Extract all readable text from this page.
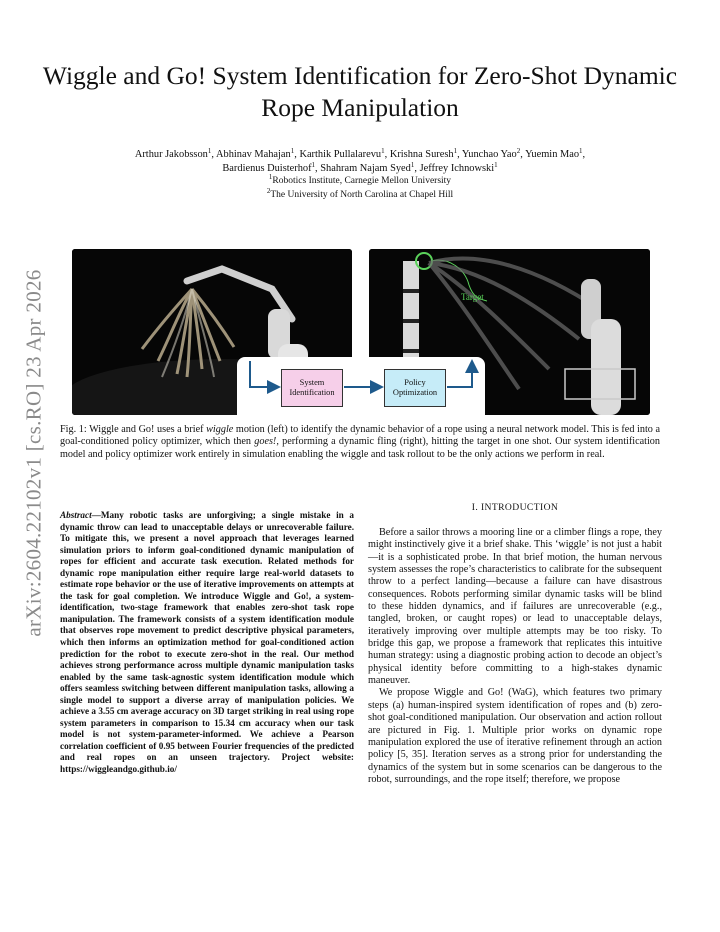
arXiv:2604.22102v1 [cs.RO] 23 Apr 2026
Wiggle and Go! System Identification for Zero-Shot Dynamic Rope Manipulation
Arthur Jakobsson$^1$, Abhinav Mahajan$^1$, Karthik Pullalarevu$^1$, Krishna Suresh$^1$, Yunchao Yao$^2$, Yuemin Mao$^1$,
Bardienus Duisterhof$^1$, Shahram Najam Syed$^1$, Jeffrey Ichnowski$^1$
$^1$Robotics Institute, Carnegie Mellon University
$^2$The University of North Carolina at Chapel Hill
System Identification
Policy Optimization
Target
Fig. 1: Wiggle and Go! uses a brief wiggle motion (left) to identify the dynamic behavior of a rope using a neural network model. This is fed into a goal-conditioned policy optimizer, which then goes!, performing a dynamic fling (right), hitting the target in one shot. Our system identification model and policy optimizer work entirely in simulation enabling the wiggle and task rollout to be the only actions we perform in real.
Abstract—Many robotic tasks are unforgiving; a single mistake in a dynamic throw can lead to unacceptable delays or unrecoverable failure. To mitigate this, we present a novel approach that leverages learned simulation priors to inform goal-conditioned dynamic manipulation of ropes for efficient and accurate task execution. Related methods for dynamic rope manipulation either require large real-world datasets to estimate rope behavior or the use of iterative improvements on attempts at the task for goal completion. We introduce Wiggle and Go!, a system-identification, two-stage framework that enables zero-shot task rope manipulation. The framework consists of a system identification module that observes rope movement to predict descriptive physical parameters, which then informs an optimization method for goal-conditioned action prediction for the robot to execute zero-shot in the real. Our method achieves strong performance across multiple dynamic manipulation tasks enabled by the same task-agnostic system identification module which offers seamless switching between different manipulation tasks, allowing a single model to support a diverse array of manipulation policies. We achieve a 3.55 cm average accuracy on 3D target striking in real using rope system parameters in comparison to 15.34 cm accuracy when our task model is not system-parameter-informed. We achieve a Pearson correlation coefficient of 0.95 between Fourier frequencies of the predicted and real ropes on an unseen trajectory. Project website: https://wiggleandgo.github.io/
I. INTRODUCTION

Before a sailor throws a mooring line or a climber flings a rope, they might instinctively give it a brief shake. This ‘wiggle’ is not just a habit—it is a sophisticated probe. In that brief motion, the human nervous system assesses the rope’s characteristics to calibrate for the subsequent throw to a perfect landing—because a failure can have disastrous consequences. Robots performing similar dynamic tasks will be blind to these hidden dynamics, and if failures are unrecoverable (e.g., tangled, broken, or caught ropes) or lead to unacceptable delays, iteratively improving over multiple attempts may be too risky. To bridge this gap, we propose a framework that replicates this intuitive human strategy: using a diagnostic probing action to decode an object’s physical identity before committing to a high-stakes dynamic maneuver.

We propose Wiggle and Go! (WaG), which features two primary steps (a) human-inspired system identification of ropes and (b) zero-shot goal-conditioned manipulation. Our observation and action rollout are pictured in Fig. 1. Multiple prior works on dynamic rope manipulation explored the use of iterative refinement through an action policy [5, 35]. Iteration serves as a strong prior for understanding the dynamics of the system but in some scenarios can be dangerous to the robot, surroundings, and the rope itself; therefore, we propose
